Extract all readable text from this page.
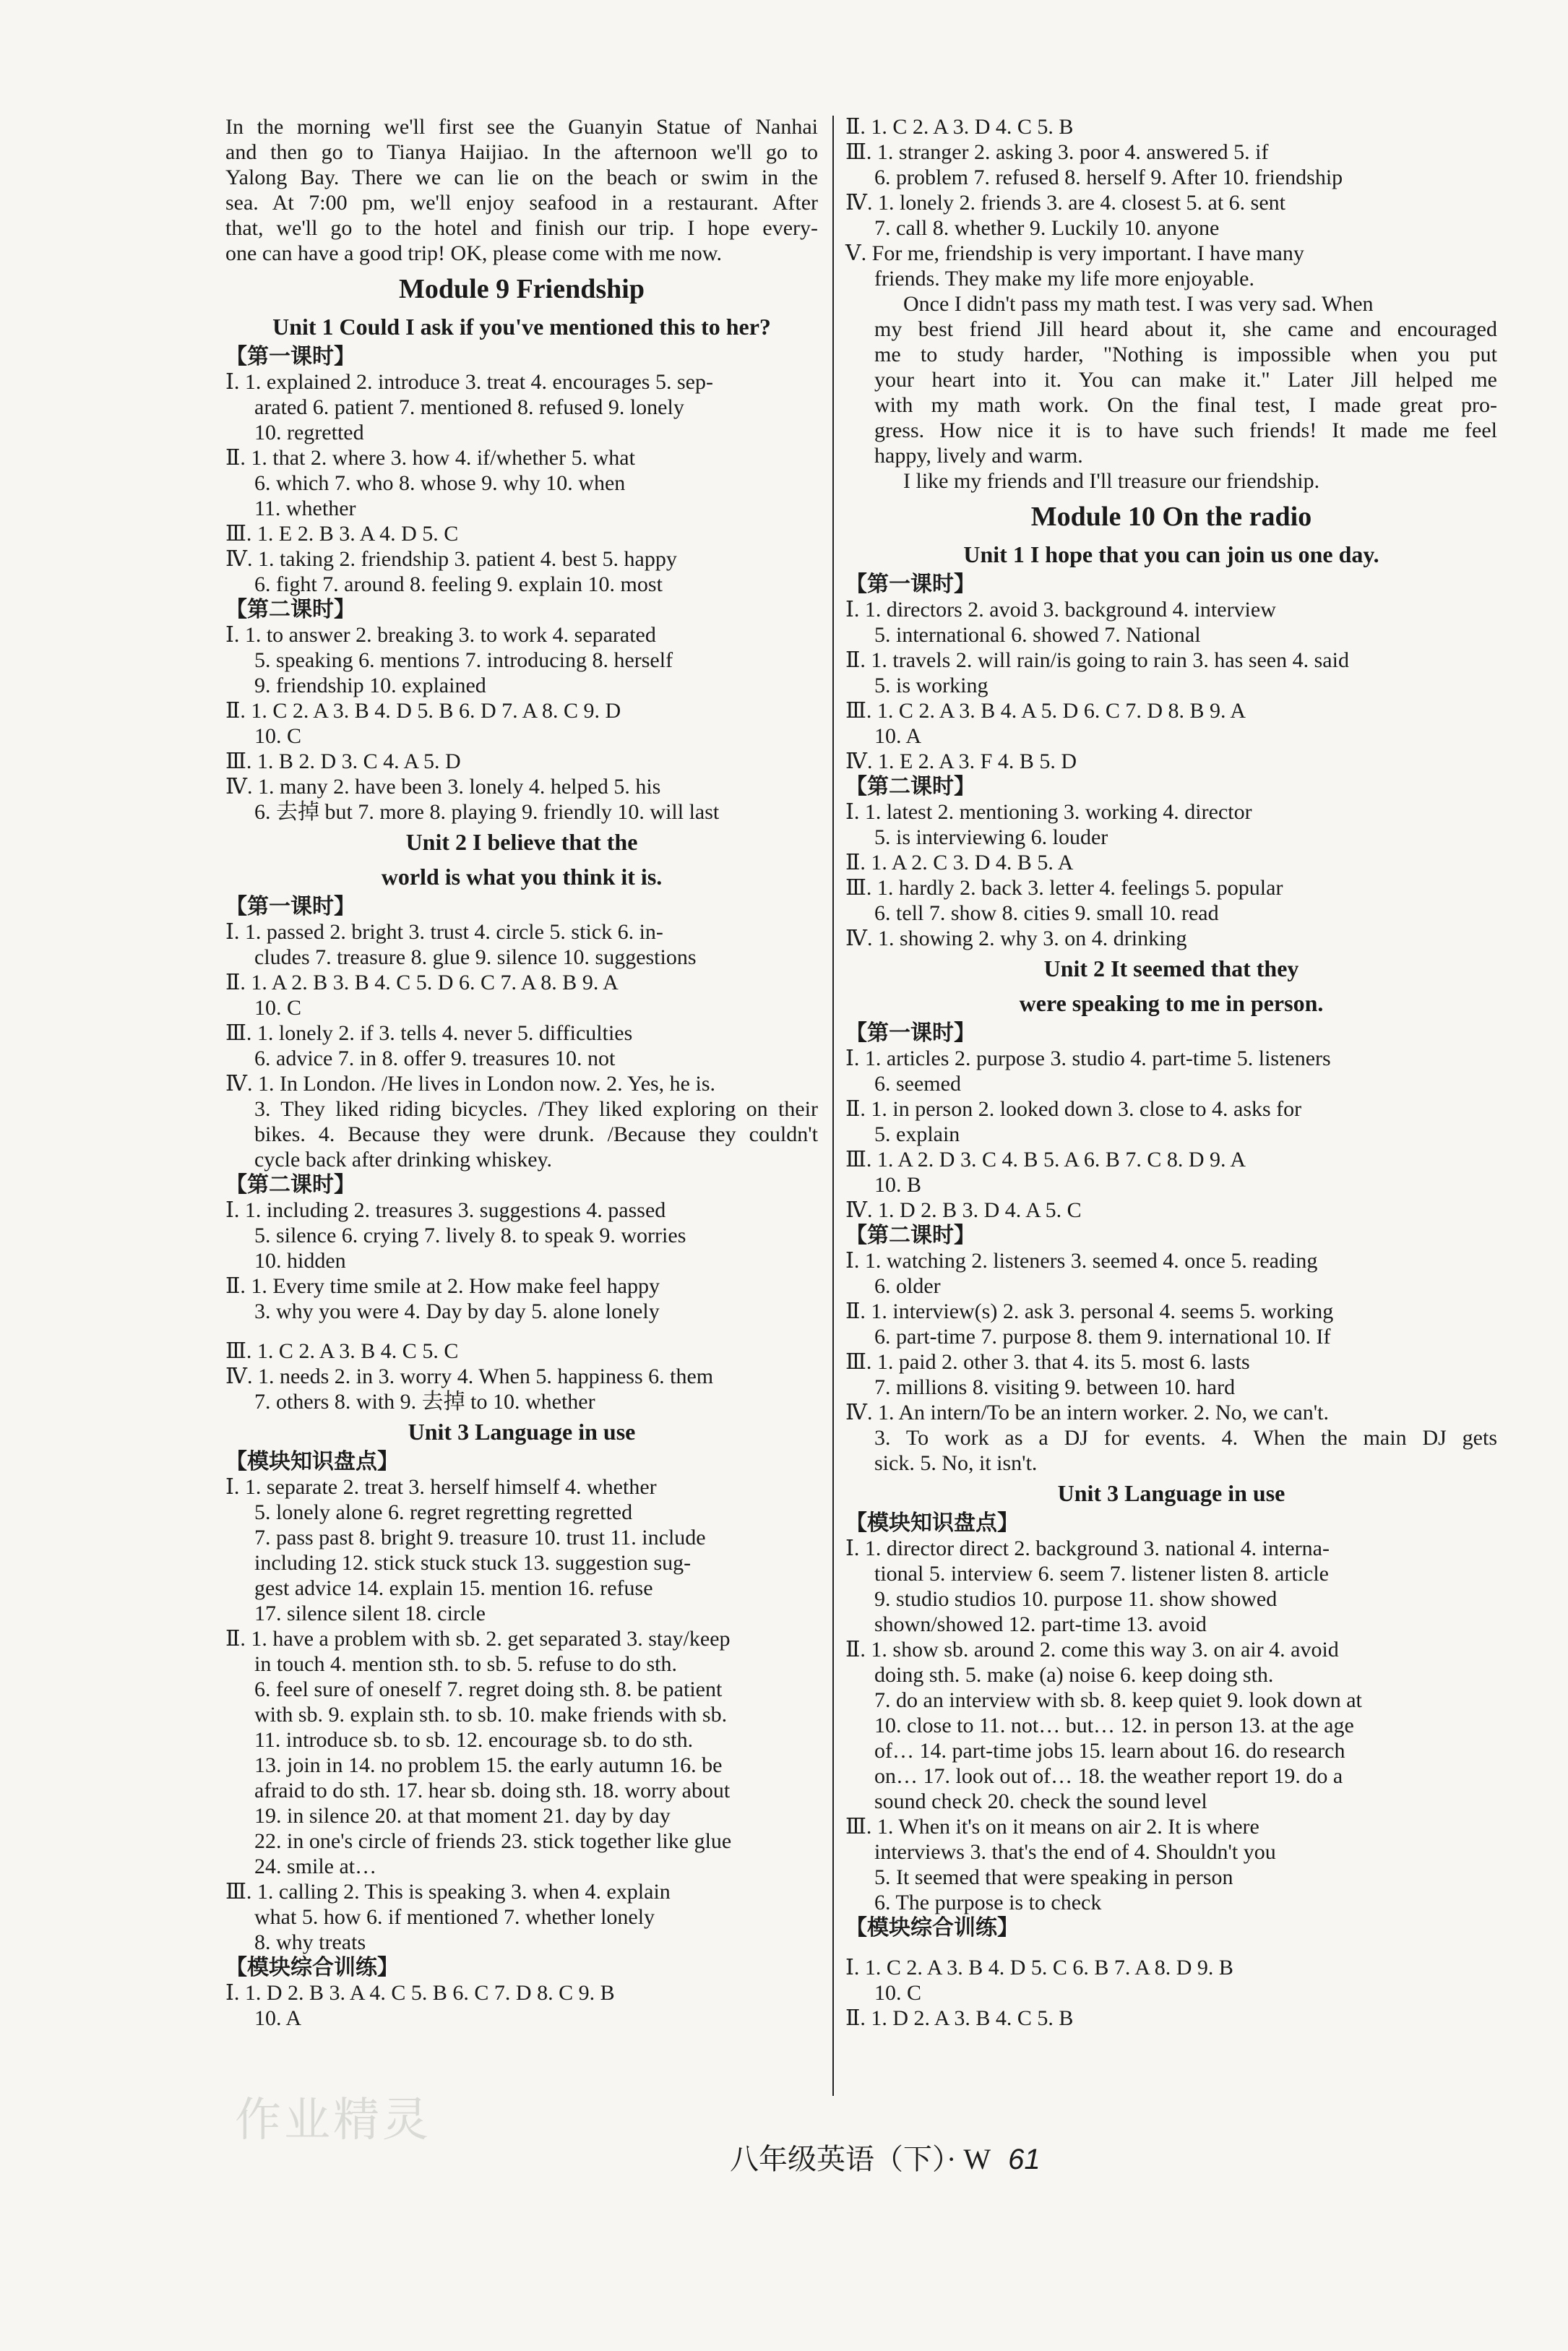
In the morning we'll first see the Guanyin Statue of Nanhai
and then go to Tianya Haijiao. In the afternoon we'll go to
Yalong Bay. There we can lie on the beach or swim in the
sea. At 7:00 pm, we'll enjoy seafood in a restaurant. After
that, we'll go to the hotel and finish our trip. I hope every-
one can have a good trip! OK, please come with me now.
Module 9 Friendship
Unit 1 Could I ask if you've mentioned this to her?
【第一课时】
Ⅰ. 1. explained 2. introduce 3. treat 4. encourages 5. sep-
arated 6. patient 7. mentioned 8. refused 9. lonely
10. regretted
Ⅱ. 1. that 2. where 3. how 4. if/whether 5. what
6. which 7. who 8. whose 9. why 10. when
11. whether
Ⅲ. 1. E 2. B 3. A 4. D 5. C
Ⅳ. 1. taking 2. friendship 3. patient 4. best 5. happy
6. fight 7. around 8. feeling 9. explain 10. most
【第二课时】
Ⅰ. 1. to answer 2. breaking 3. to work 4. separated
5. speaking 6. mentions 7. introducing 8. herself
9. friendship 10. explained
Ⅱ. 1. C 2. A 3. B 4. D 5. B 6. D 7. A 8. C 9. D
10. C
Ⅲ. 1. B 2. D 3. C 4. A 5. D
Ⅳ. 1. many 2. have been 3. lonely 4. helped 5. his
6. 去掉 but 7. more 8. playing 9. friendly 10. will last
Unit 2 I believe that the
world is what you think it is.
【第一课时】
Ⅰ. 1. passed 2. bright 3. trust 4. circle 5. stick 6. in-
cludes 7. treasure 8. glue 9. silence 10. suggestions
Ⅱ. 1. A 2. B 3. B 4. C 5. D 6. C 7. A 8. B 9. A
10. C
Ⅲ. 1. lonely 2. if 3. tells 4. never 5. difficulties
6. advice 7. in 8. offer 9. treasures 10. not
Ⅳ. 1. In London. /He lives in London now. 2. Yes, he is.
3. They liked riding bicycles. /They liked exploring on their
bikes. 4. Because they were drunk. /Because they couldn't
cycle back after drinking whiskey.
【第二课时】
Ⅰ. 1. including 2. treasures 3. suggestions 4. passed
5. silence 6. crying 7. lively 8. to speak 9. worries
10. hidden
Ⅱ. 1. Every time smile at 2. How make feel happy
3. why you were 4. Day by day 5. alone lonely
Ⅲ. 1. C 2. A 3. B 4. C 5. C
Ⅳ. 1. needs 2. in 3. worry 4. When 5. happiness 6. them
7. others 8. with 9. 去掉 to 10. whether
Unit 3 Language in use
【模块知识盘点】
Ⅰ. 1. separate 2. treat 3. herself himself 4. whether
5. lonely alone 6. regret regretting regretted
7. pass past 8. bright 9. treasure 10. trust 11. include
including 12. stick stuck stuck 13. suggestion sug-
gest advice 14. explain 15. mention 16. refuse
17. silence silent 18. circle
Ⅱ. 1. have a problem with sb. 2. get separated 3. stay/keep
in touch 4. mention sth. to sb. 5. refuse to do sth.
6. feel sure of oneself 7. regret doing sth. 8. be patient
with sb. 9. explain sth. to sb. 10. make friends with sb.
11. introduce sb. to sb. 12. encourage sb. to do sth.
13. join in 14. no problem 15. the early autumn 16. be
afraid to do sth. 17. hear sb. doing sth. 18. worry about
19. in silence 20. at that moment 21. day by day
22. in one's circle of friends 23. stick together like glue
24. smile at…
Ⅲ. 1. calling 2. This is speaking 3. when 4. explain
what 5. how 6. if mentioned 7. whether lonely
8. why treats
【模块综合训练】
Ⅰ. 1. D 2. B 3. A 4. C 5. B 6. C 7. D 8. C 9. B
10. A
Ⅱ. 1. C 2. A 3. D 4. C 5. B
Ⅲ. 1. stranger 2. asking 3. poor 4. answered 5. if
6. problem 7. refused 8. herself 9. After 10. friendship
Ⅳ. 1. lonely 2. friends 3. are 4. closest 5. at 6. sent
7. call 8. whether 9. Luckily 10. anyone
Ⅴ. For me, friendship is very important. I have many
friends. They make my life more enjoyable.
Once I didn't pass my math test. I was very sad. When
my best friend Jill heard about it, she came and encouraged
me to study harder, "Nothing is impossible when you put
your heart into it. You can make it." Later Jill helped me
with my math work. On the final test, I made great pro-
gress. How nice it is to have such friends! It made me feel
happy, lively and warm.
I like my friends and I'll treasure our friendship.
Module 10 On the radio
Unit 1 I hope that you can join us one day.
【第一课时】
Ⅰ. 1. directors 2. avoid 3. background 4. interview
5. international 6. showed 7. National
Ⅱ. 1. travels 2. will rain/is going to rain 3. has seen 4. said
5. is working
Ⅲ. 1. C 2. A 3. B 4. A 5. D 6. C 7. D 8. B 9. A
10. A
Ⅳ. 1. E 2. A 3. F 4. B 5. D
【第二课时】
Ⅰ. 1. latest 2. mentioning 3. working 4. director
5. is interviewing 6. louder
Ⅱ. 1. A 2. C 3. D 4. B 5. A
Ⅲ. 1. hardly 2. back 3. letter 4. feelings 5. popular
6. tell 7. show 8. cities 9. small 10. read
Ⅳ. 1. showing 2. why 3. on 4. drinking
Unit 2 It seemed that they
were speaking to me in person.
【第一课时】
Ⅰ. 1. articles 2. purpose 3. studio 4. part-time 5. listeners
6. seemed
Ⅱ. 1. in person 2. looked down 3. close to 4. asks for
5. explain
Ⅲ. 1. A 2. D 3. C 4. B 5. A 6. B 7. C 8. D 9. A
10. B
Ⅳ. 1. D 2. B 3. D 4. A 5. C
【第二课时】
Ⅰ. 1. watching 2. listeners 3. seemed 4. once 5. reading
6. older
Ⅱ. 1. interview(s) 2. ask 3. personal 4. seems 5. working
6. part-time 7. purpose 8. them 9. international 10. If
Ⅲ. 1. paid 2. other 3. that 4. its 5. most 6. lasts
7. millions 8. visiting 9. between 10. hard
Ⅳ. 1. An intern/To be an intern worker. 2. No, we can't.
3. To work as a DJ for events. 4. When the main DJ gets
sick. 5. No, it isn't.
Unit 3 Language in use
【模块知识盘点】
Ⅰ. 1. director direct 2. background 3. national 4. interna-
tional 5. interview 6. seem 7. listener listen 8. article
9. studio studios 10. purpose 11. show showed
shown/showed 12. part-time 13. avoid
Ⅱ. 1. show sb. around 2. come this way 3. on air 4. avoid
doing sth. 5. make (a) noise 6. keep doing sth.
7. do an interview with sb. 8. keep quiet 9. look down at
10. close to 11. not… but… 12. in person 13. at the age
of… 14. part-time jobs 15. learn about 16. do research
on… 17. look out of… 18. the weather report 19. do a
sound check 20. check the sound level
Ⅲ. 1. When it's on it means on air 2. It is where
interviews 3. that's the end of 4. Shouldn't you
5. It seemed that were speaking in person
6. The purpose is to check
【模块综合训练】
Ⅰ. 1. C 2. A 3. B 4. D 5. C 6. B 7. A 8. D 9. B
10. C
Ⅱ. 1. D 2. A 3. B 4. C 5. B
作业精灵
八年级英语（下）· W 61
